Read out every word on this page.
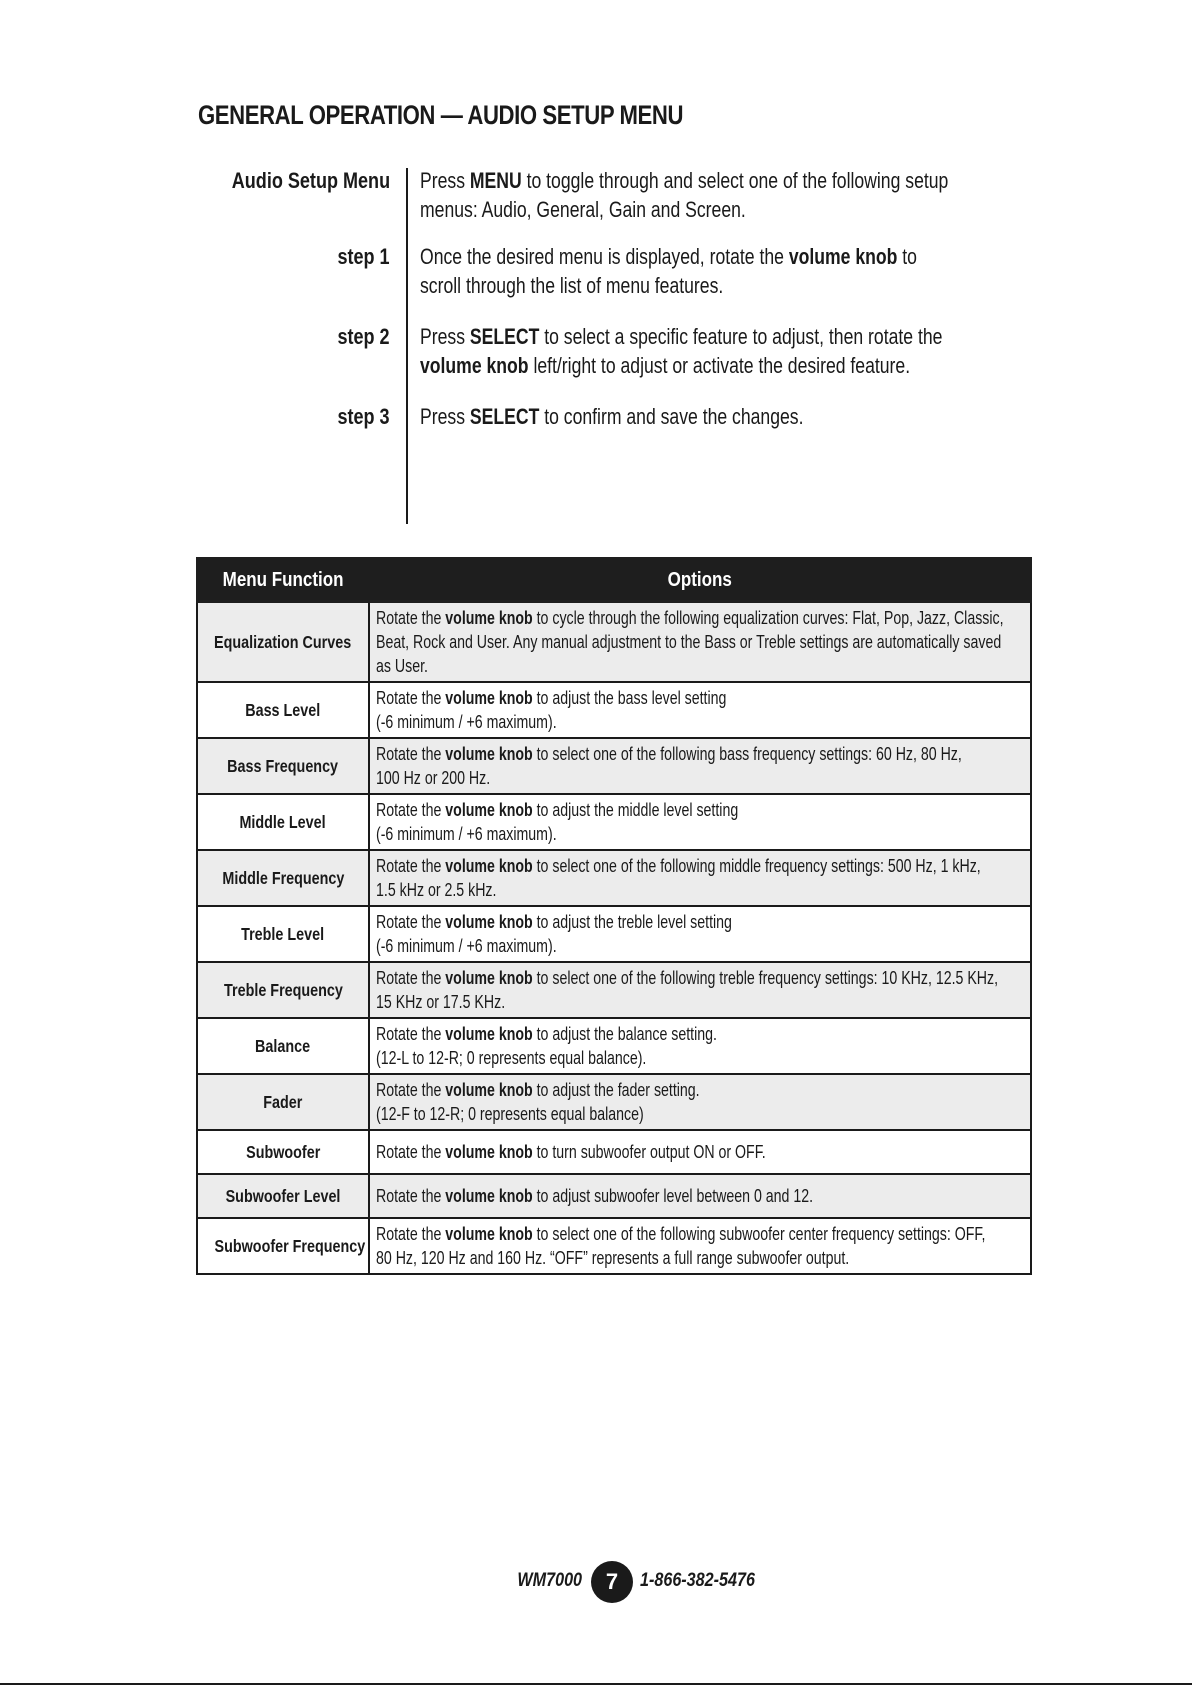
GENERAL OPERATION — AUDIO SETUP MENU
Audio Setup Menu Press MENU to toggle through and select one of the following setup
menus: Audio, General, Gain and Screen.
step 1 Once the desired menu is displayed, rotate the volume knob to
scroll through the list of menu features.
step 2 Press SELECT to select a specific feature to adjust, then rotate the
volume knob left/right to adjust or activate the desired feature.
step 3 Press SELECT to confirm and save the changes.
Menu Function	Options
Equalization Curves	Rotate the volume knob to cycle through the following equalization curves: Flat, Pop, Jazz, Classic,
Beat, Rock and User. Any manual adjustment to the Bass or Treble settings are automatically saved
as User.

Bass Level	Rotate the volume knob to adjust the bass level setting
(-6 minimum / +6 maximum).

Bass Frequency	Rotate the volume knob to select one of the following bass frequency settings: 60 Hz, 80 Hz,
100 Hz or 200 Hz.

Middle Level	Rotate the volume knob to adjust the middle level setting
(-6 minimum / +6 maximum).

Middle Frequency	Rotate the volume knob to select one of the following middle frequency settings: 500 Hz, 1 kHz,
1.5 kHz or 2.5 kHz.

Treble Level	Rotate the volume knob to adjust the treble level setting
(-6 minimum / +6 maximum).

Treble Frequency	Rotate the volume knob to select one of the following treble frequency settings: 10 KHz, 12.5 KHz,
15 KHz or 17.5 KHz.

Balance	Rotate the volume knob to adjust the balance setting.
(12-L to 12-R; 0 represents equal balance).

Fader	Rotate the volume knob to adjust the fader setting.
(12-F to 12-R; 0 represents equal balance)

Subwoofer	Rotate the volume knob to turn subwoofer output ON or OFF.

Subwoofer Level	Rotate the volume knob to adjust subwoofer level between 0 and 12.

Subwoofer Frequency	Rotate the volume knob to select one of the following subwoofer center frequency settings: OFF,
80 Hz, 120 Hz and 160 Hz. “OFF” represents a full range subwoofer output.
WM7000	7	1-866-382-5476
